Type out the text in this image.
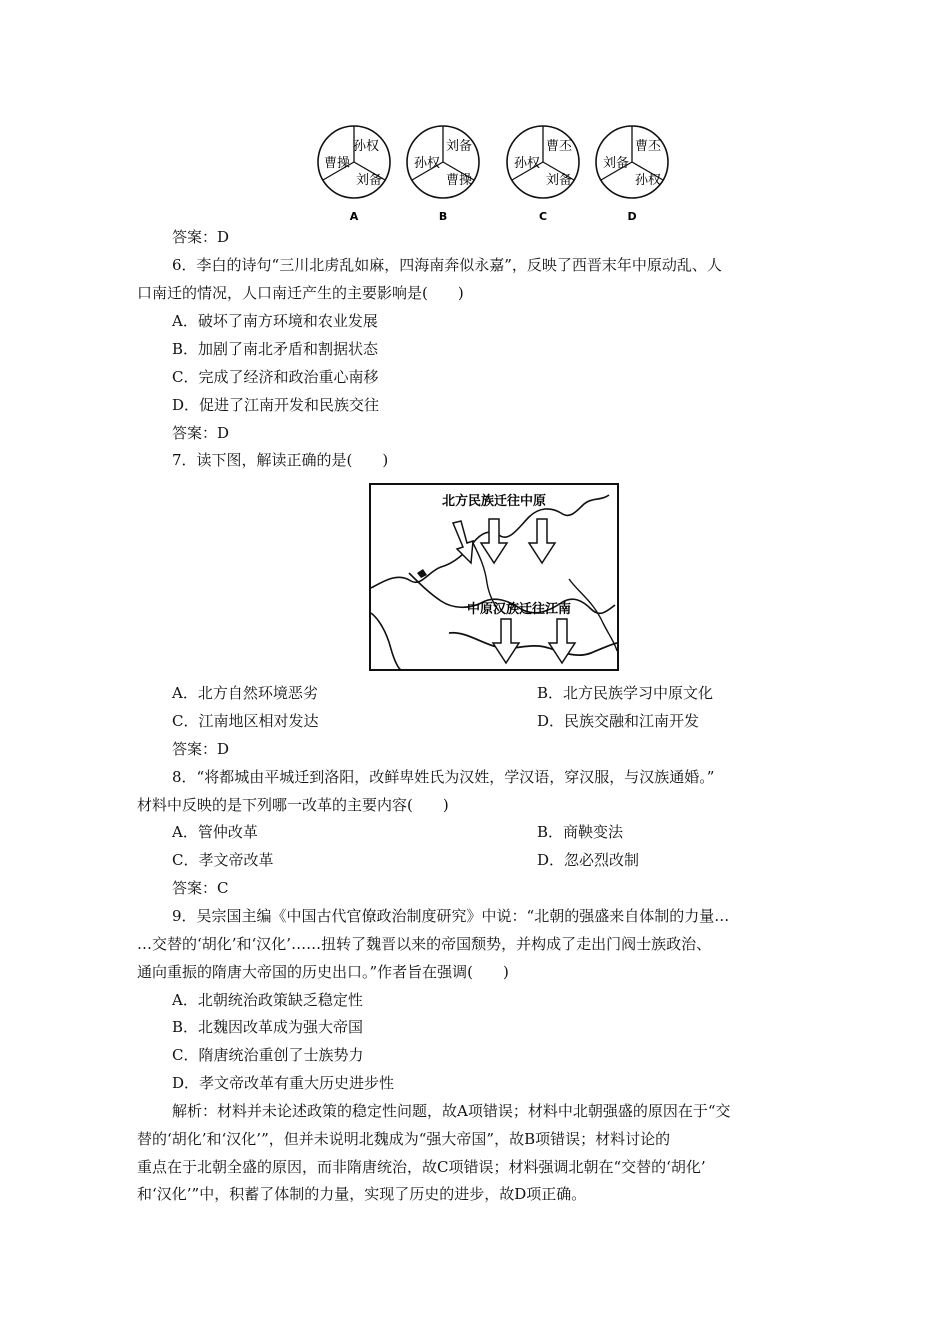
孙权
曹操
刘备
A
刘备
孙权
曹操
B
曹丕
孙权
刘备
C
曹丕
刘备
孙权
D
答案：D
6．李白的诗句“三川北虏乱如麻，四海南奔似永嘉”，反映了西晋末年中原动乱、人
口南迁的情况，人口南迁产生的主要影响是(　　)
A．破坏了南方环境和农业发展
B．加剧了南北矛盾和割据状态
C．完成了经济和政治重心南移
D．促进了江南开发和民族交往
答案：D
7．读下图，解读正确的是(　　)
北方民族迁往中原
中原汉族迁往江南
A．北方自然环境恶劣	B．北方民族学习中原文化
C．江南地区相对发达	D．民族交融和江南开发
答案：D
8．“将都城由平城迁到洛阳，改鲜卑姓氏为汉姓，学汉语，穿汉服，与汉族通婚。”
材料中反映的是下列哪一改革的主要内容(　　)
A．管仲改革	B．商鞅变法
C．孝文帝改革	D．忽必烈改制
答案：C
9．吴宗国主编《中国古代官僚政治制度研究》中说：“北朝的强盛来自体制的力量…
…交替的‘胡化’和‘汉化’……扭转了魏晋以来的帝国颓势，并构成了走出门阀士族政治、
通向重振的隋唐大帝国的历史出口。”作者旨在强调(　　)
A．北朝统治政策缺乏稳定性
B．北魏因改革成为强大帝国
C．隋唐统治重创了士族势力
D．孝文帝改革有重大历史进步性
解析：材料并未论述政策的稳定性问题，故A项错误；材料中北朝强盛的原因在于“交
替的‘胡化’和‘汉化’”，但并未说明北魏成为“强大帝国”，故B项错误；材料讨论的
重点在于北朝全盛的原因，而非隋唐统治，故C项错误；材料强调北朝在“交替的‘胡化’
和‘汉化’”中，积蓄了体制的力量，实现了历史的进步，故D项正确。
